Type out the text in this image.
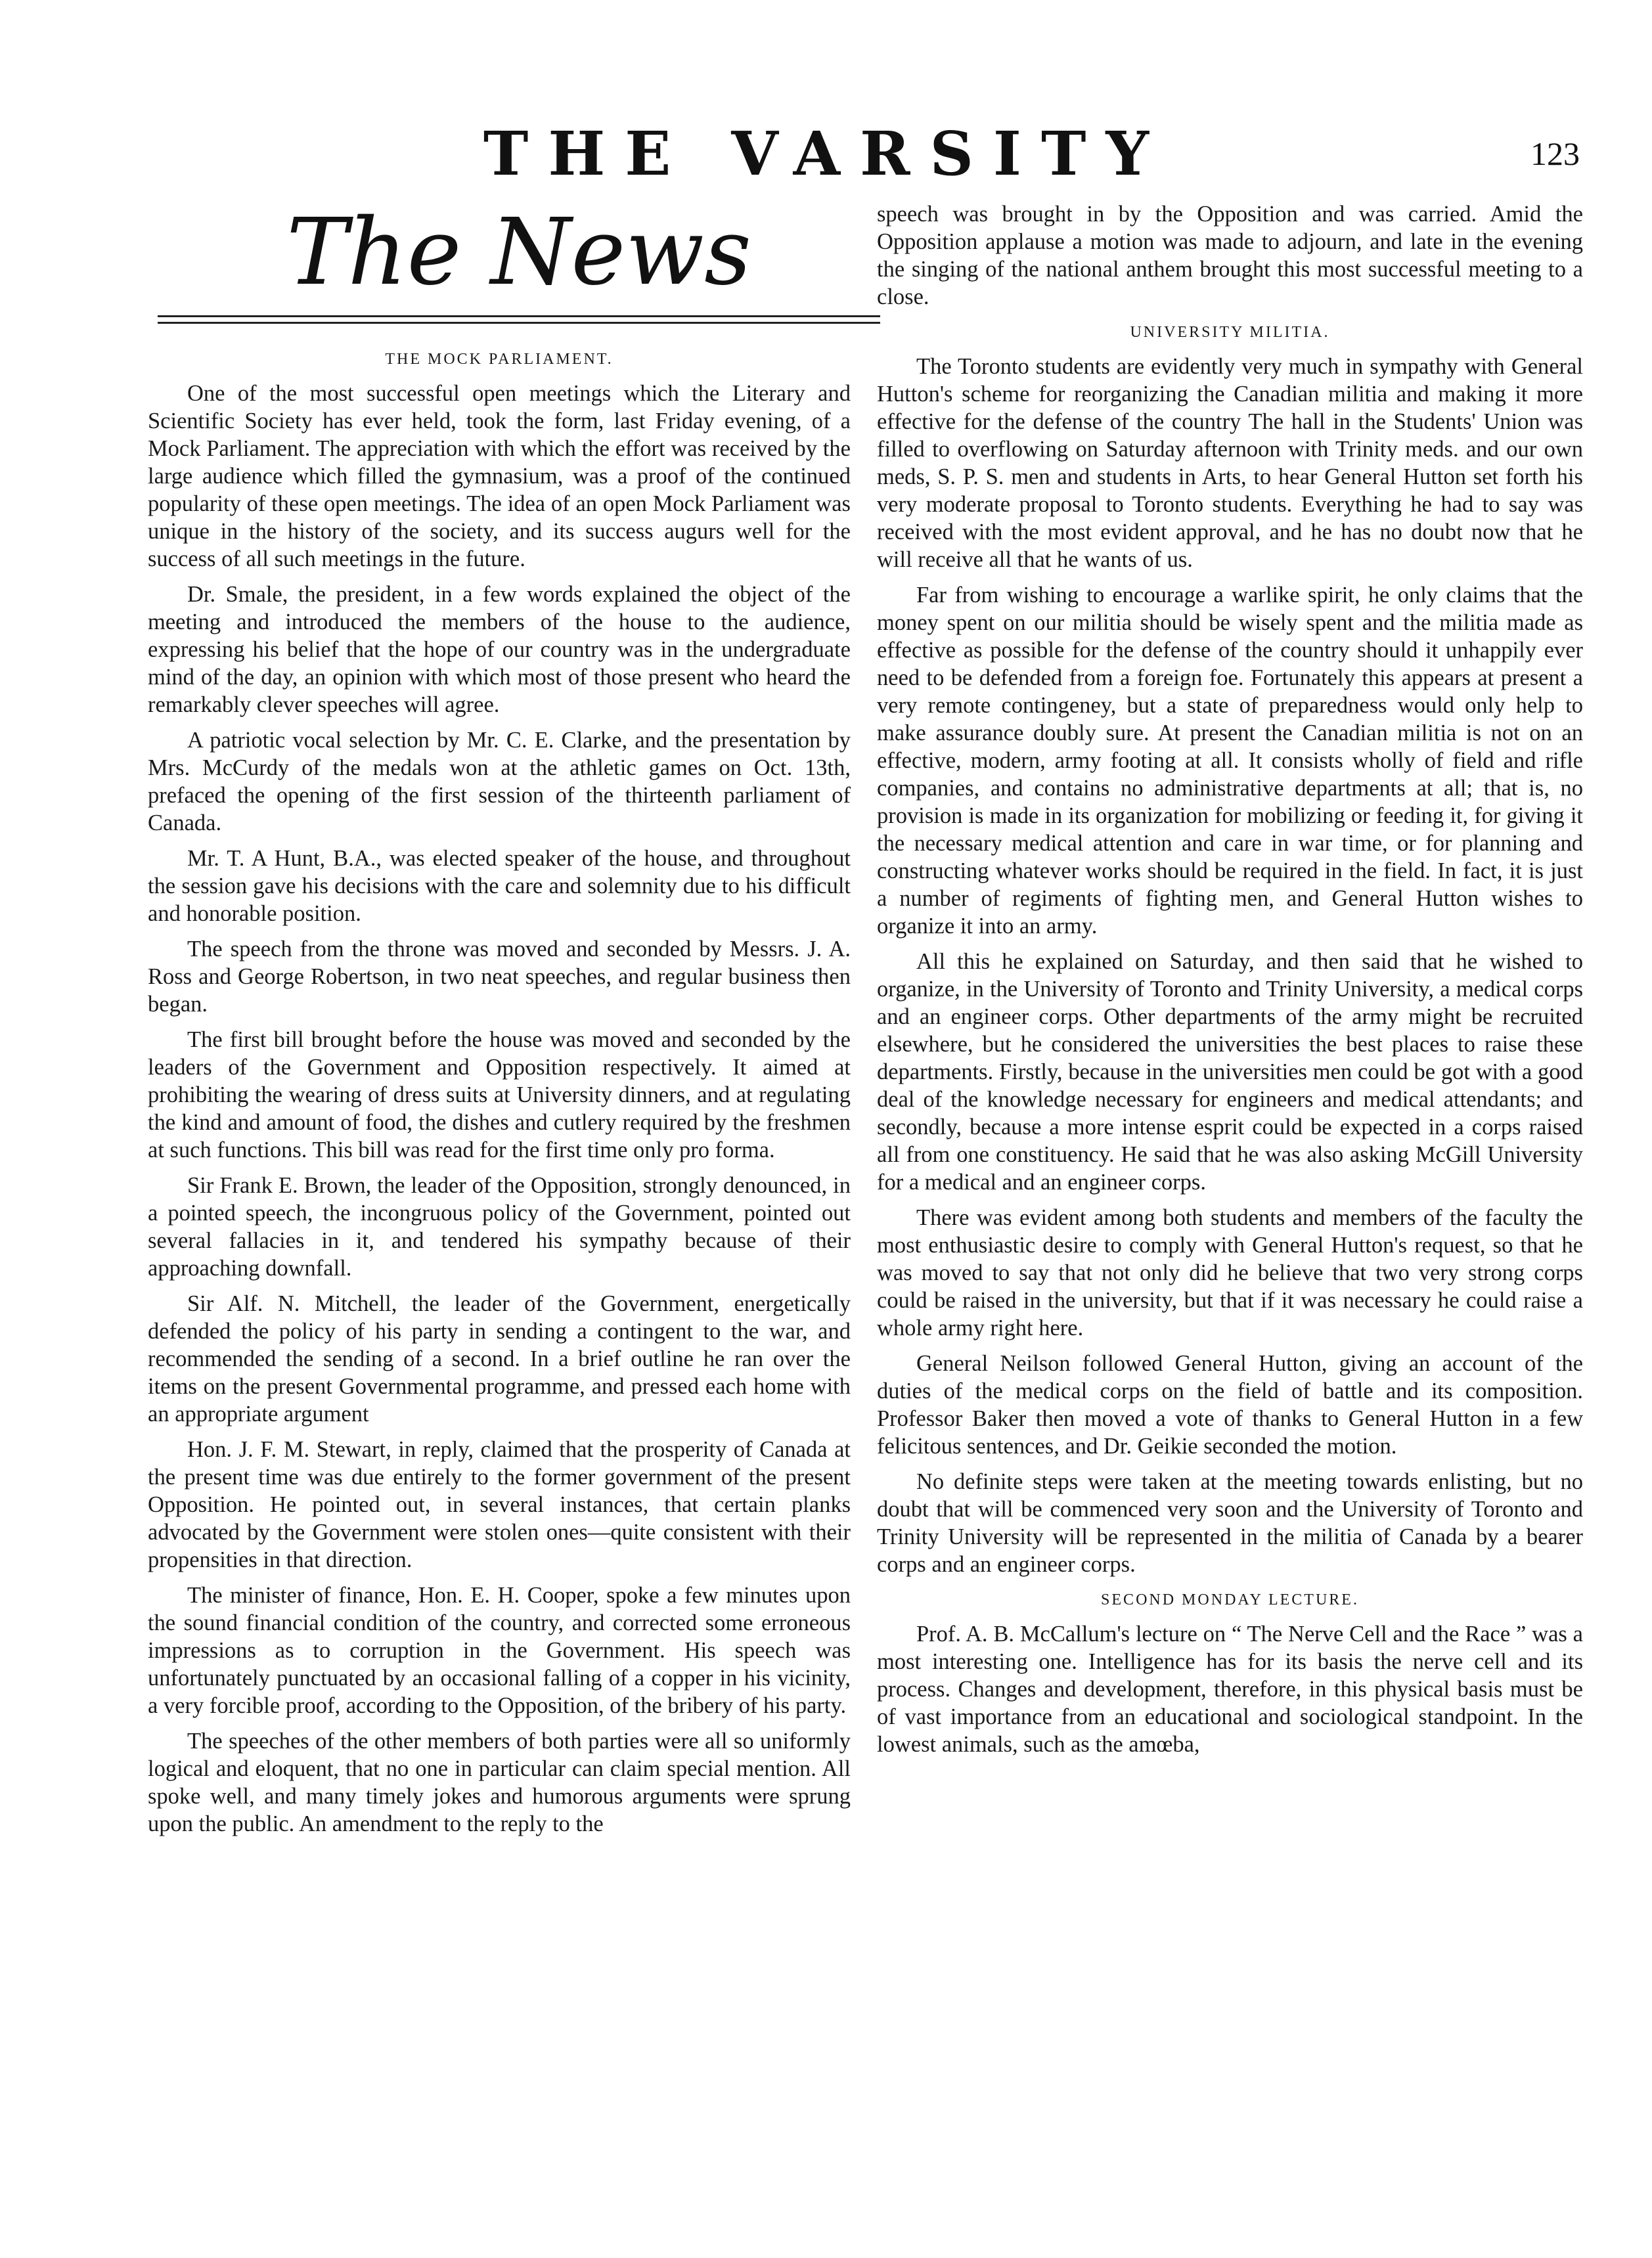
THE VARSITY	123
The News
THE MOCK PARLIAMENT.

One of the most successful open meetings which the Literary and Scientific Society has ever held, took the form, last Friday evening, of a Mock Parliament. The appreciation with which the effort was received by the large audience which filled the gymnasium, was a proof of the continued popularity of these open meetings. The idea of an open Mock Parliament was unique in the history of the society, and its success augurs well for the success of all such meetings in the future.

Dr. Smale, the president, in a few words explained the object of the meeting and introduced the members of the house to the audience, expressing his belief that the hope of our country was in the undergraduate mind of the day, an opinion with which most of those present who heard the remarkably clever speeches will agree.

A patriotic vocal selection by Mr. C. E. Clarke, and the presentation by Mrs. McCurdy of the medals won at the athletic games on Oct. 13th, prefaced the opening of the first session of the thirteenth parliament of Canada.

Mr. T. A Hunt, B.A., was elected speaker of the house, and throughout the session gave his decisions with the care and solemnity due to his difficult and honorable position.

The speech from the throne was moved and seconded by Messrs. J. A. Ross and George Robertson, in two neat speeches, and regular business then began.

The first bill brought before the house was moved and seconded by the leaders of the Government and Opposition respectively. It aimed at prohibiting the wearing of dress suits at University dinners, and at regulating the kind and amount of food, the dishes and cutlery required by the freshmen at such functions. This bill was read for the first time only pro forma.

Sir Frank E. Brown, the leader of the Opposition, strongly denounced, in a pointed speech, the incongruous policy of the Government, pointed out several fallacies in it, and tendered his sympathy because of their approaching downfall.

Sir Alf. N. Mitchell, the leader of the Government, energetically defended the policy of his party in sending a contingent to the war, and recommended the sending of a second. In a brief outline he ran over the items on the present Governmental programme, and pressed each home with an appropriate argument

Hon. J. F. M. Stewart, in reply, claimed that the prosperity of Canada at the present time was due entirely to the former government of the present Opposition. He pointed out, in several instances, that certain planks advocated by the Government were stolen ones—quite consistent with their propensities in that direction.

The minister of finance, Hon. E. H. Cooper, spoke a few minutes upon the sound financial condition of the country, and corrected some erroneous impressions as to corruption in the Government. His speech was unfortunately punctuated by an occasional falling of a copper in his vicinity, a very forcible proof, according to the Opposition, of the bribery of his party.

The speeches of the other members of both parties were all so uniformly logical and eloquent, that no one in particular can claim special mention. All spoke well, and many timely jokes and humorous arguments were sprung upon the public. An amendment to the reply to the

speech was brought in by the Opposition and was carried. Amid the Opposition applause a motion was made to adjourn, and late in the evening the singing of the national anthem brought this most successful meeting to a close.

UNIVERSITY MILITIA.

The Toronto students are evidently very much in sympathy with General Hutton's scheme for reorganizing the Canadian militia and making it more effective for the defense of the country The hall in the Students' Union was filled to overflowing on Saturday afternoon with Trinity meds. and our own meds, S. P. S. men and students in Arts, to hear General Hutton set forth his very moderate proposal to Toronto students. Everything he had to say was received with the most evident approval, and he has no doubt now that he will receive all that he wants of us.

Far from wishing to encourage a warlike spirit, he only claims that the money spent on our militia should be wisely spent and the militia made as effective as possible for the defense of the country should it unhappily ever need to be defended from a foreign foe. Fortunately this appears at present a very remote contingeney, but a state of preparedness would only help to make assurance doubly sure. At present the Canadian militia is not on an effective, modern, army footing at all. It consists wholly of field and rifle companies, and contains no administrative departments at all; that is, no provision is made in its organization for mobilizing or feeding it, for giving it the necessary medical attention and care in war time, or for planning and constructing whatever works should be required in the field. In fact, it is just a number of regiments of fighting men, and General Hutton wishes to organize it into an army.

All this he explained on Saturday, and then said that he wished to organize, in the University of Toronto and Trinity University, a medical corps and an engineer corps. Other departments of the army might be recruited elsewhere, but he considered the universities the best places to raise these departments. Firstly, because in the universities men could be got with a good deal of the knowledge necessary for engineers and medical attendants; and secondly, because a more intense esprit could be expected in a corps raised all from one constituency. He said that he was also asking McGill University for a medical and an engineer corps.

There was evident among both students and members of the faculty the most enthusiastic desire to comply with General Hutton's request, so that he was moved to say that not only did he believe that two very strong corps could be raised in the university, but that if it was necessary he could raise a whole army right here.

General Neilson followed General Hutton, giving an account of the duties of the medical corps on the field of battle and its composition. Professor Baker then moved a vote of thanks to General Hutton in a few felicitous sentences, and Dr. Geikie seconded the motion.

No definite steps were taken at the meeting towards enlisting, but no doubt that will be commenced very soon and the University of Toronto and Trinity University will be represented in the militia of Canada by a bearer corps and an engineer corps.

SECOND MONDAY LECTURE.

Prof. A. B. McCallum's lecture on “ The Nerve Cell and the Race ” was a most interesting one. Intelligence has for its basis the nerve cell and its process. Changes and development, therefore, in this physical basis must be of vast importance from an educational and sociological standpoint. In the lowest animals, such as the amœba,
